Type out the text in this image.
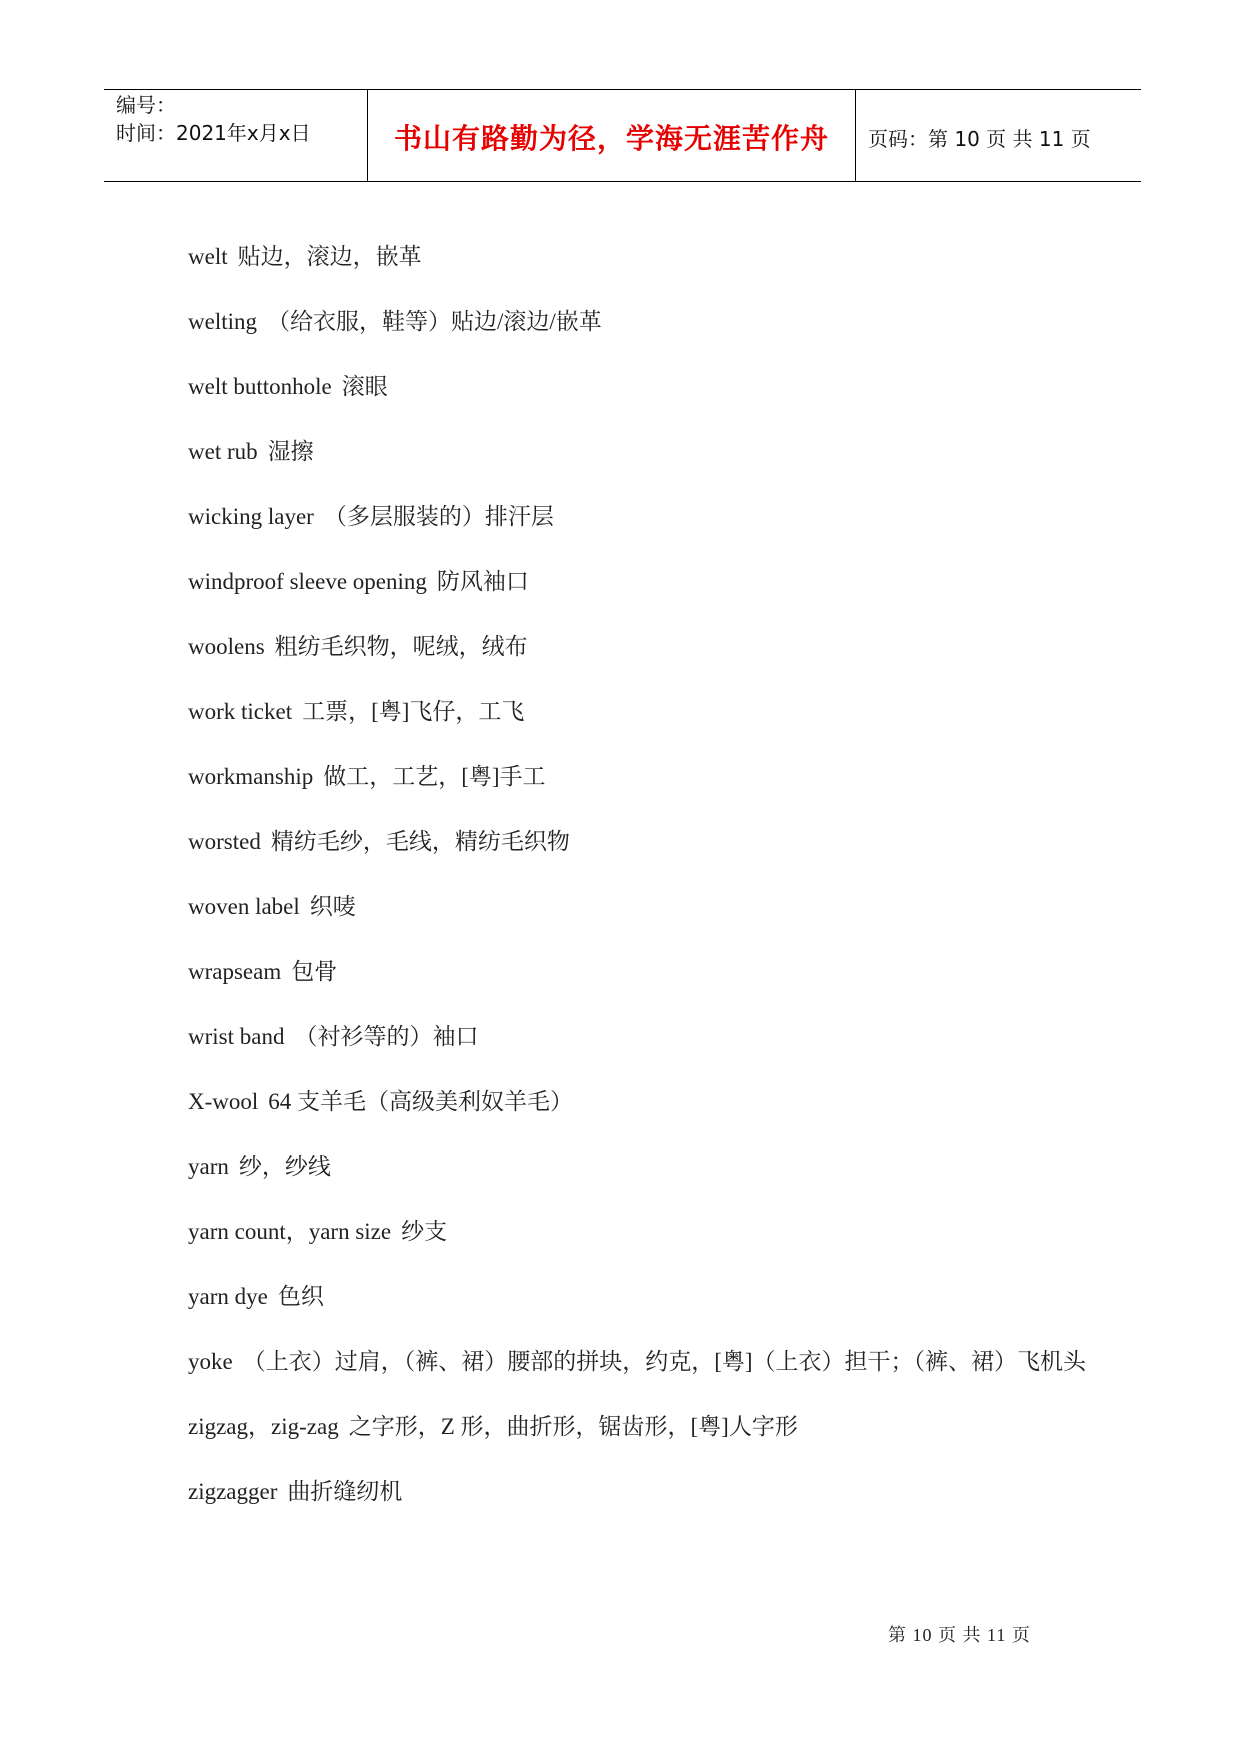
编号：
时间：2021年x月x日	书山有路勤为径，学海无涯苦作舟	页码：第 10 页 共 11 页
welt 贴边，滚边，嵌革
welting （给衣服，鞋等）贴边/滚边/嵌革
welt buttonhole 滚眼
wet rub 湿擦
wicking layer （多层服装的）排汗层
windproof sleeve opening 防风袖口
woolens 粗纺毛织物，呢绒，绒布
work ticket 工票，[粤]飞仔，工飞
workmanship 做工，工艺，[粤]手工
worsted 精纺毛纱，毛线，精纺毛织物
woven label 织唛
wrapseam 包骨
wrist band （衬衫等的）袖口
X-wool 64 支羊毛（高级美利奴羊毛）
yarn 纱，纱线
yarn count，yarn size 纱支
yarn dye 色织
yoke （上衣）过肩，（裤、裙）腰部的拼块，约克，[粤]（上衣）担干；（裤、裙）飞机头
zigzag，zig-zag 之字形，Z 形，曲折形，锯齿形，[粤]人字形
zigzagger 曲折缝纫机
第 10 页 共 11 页
